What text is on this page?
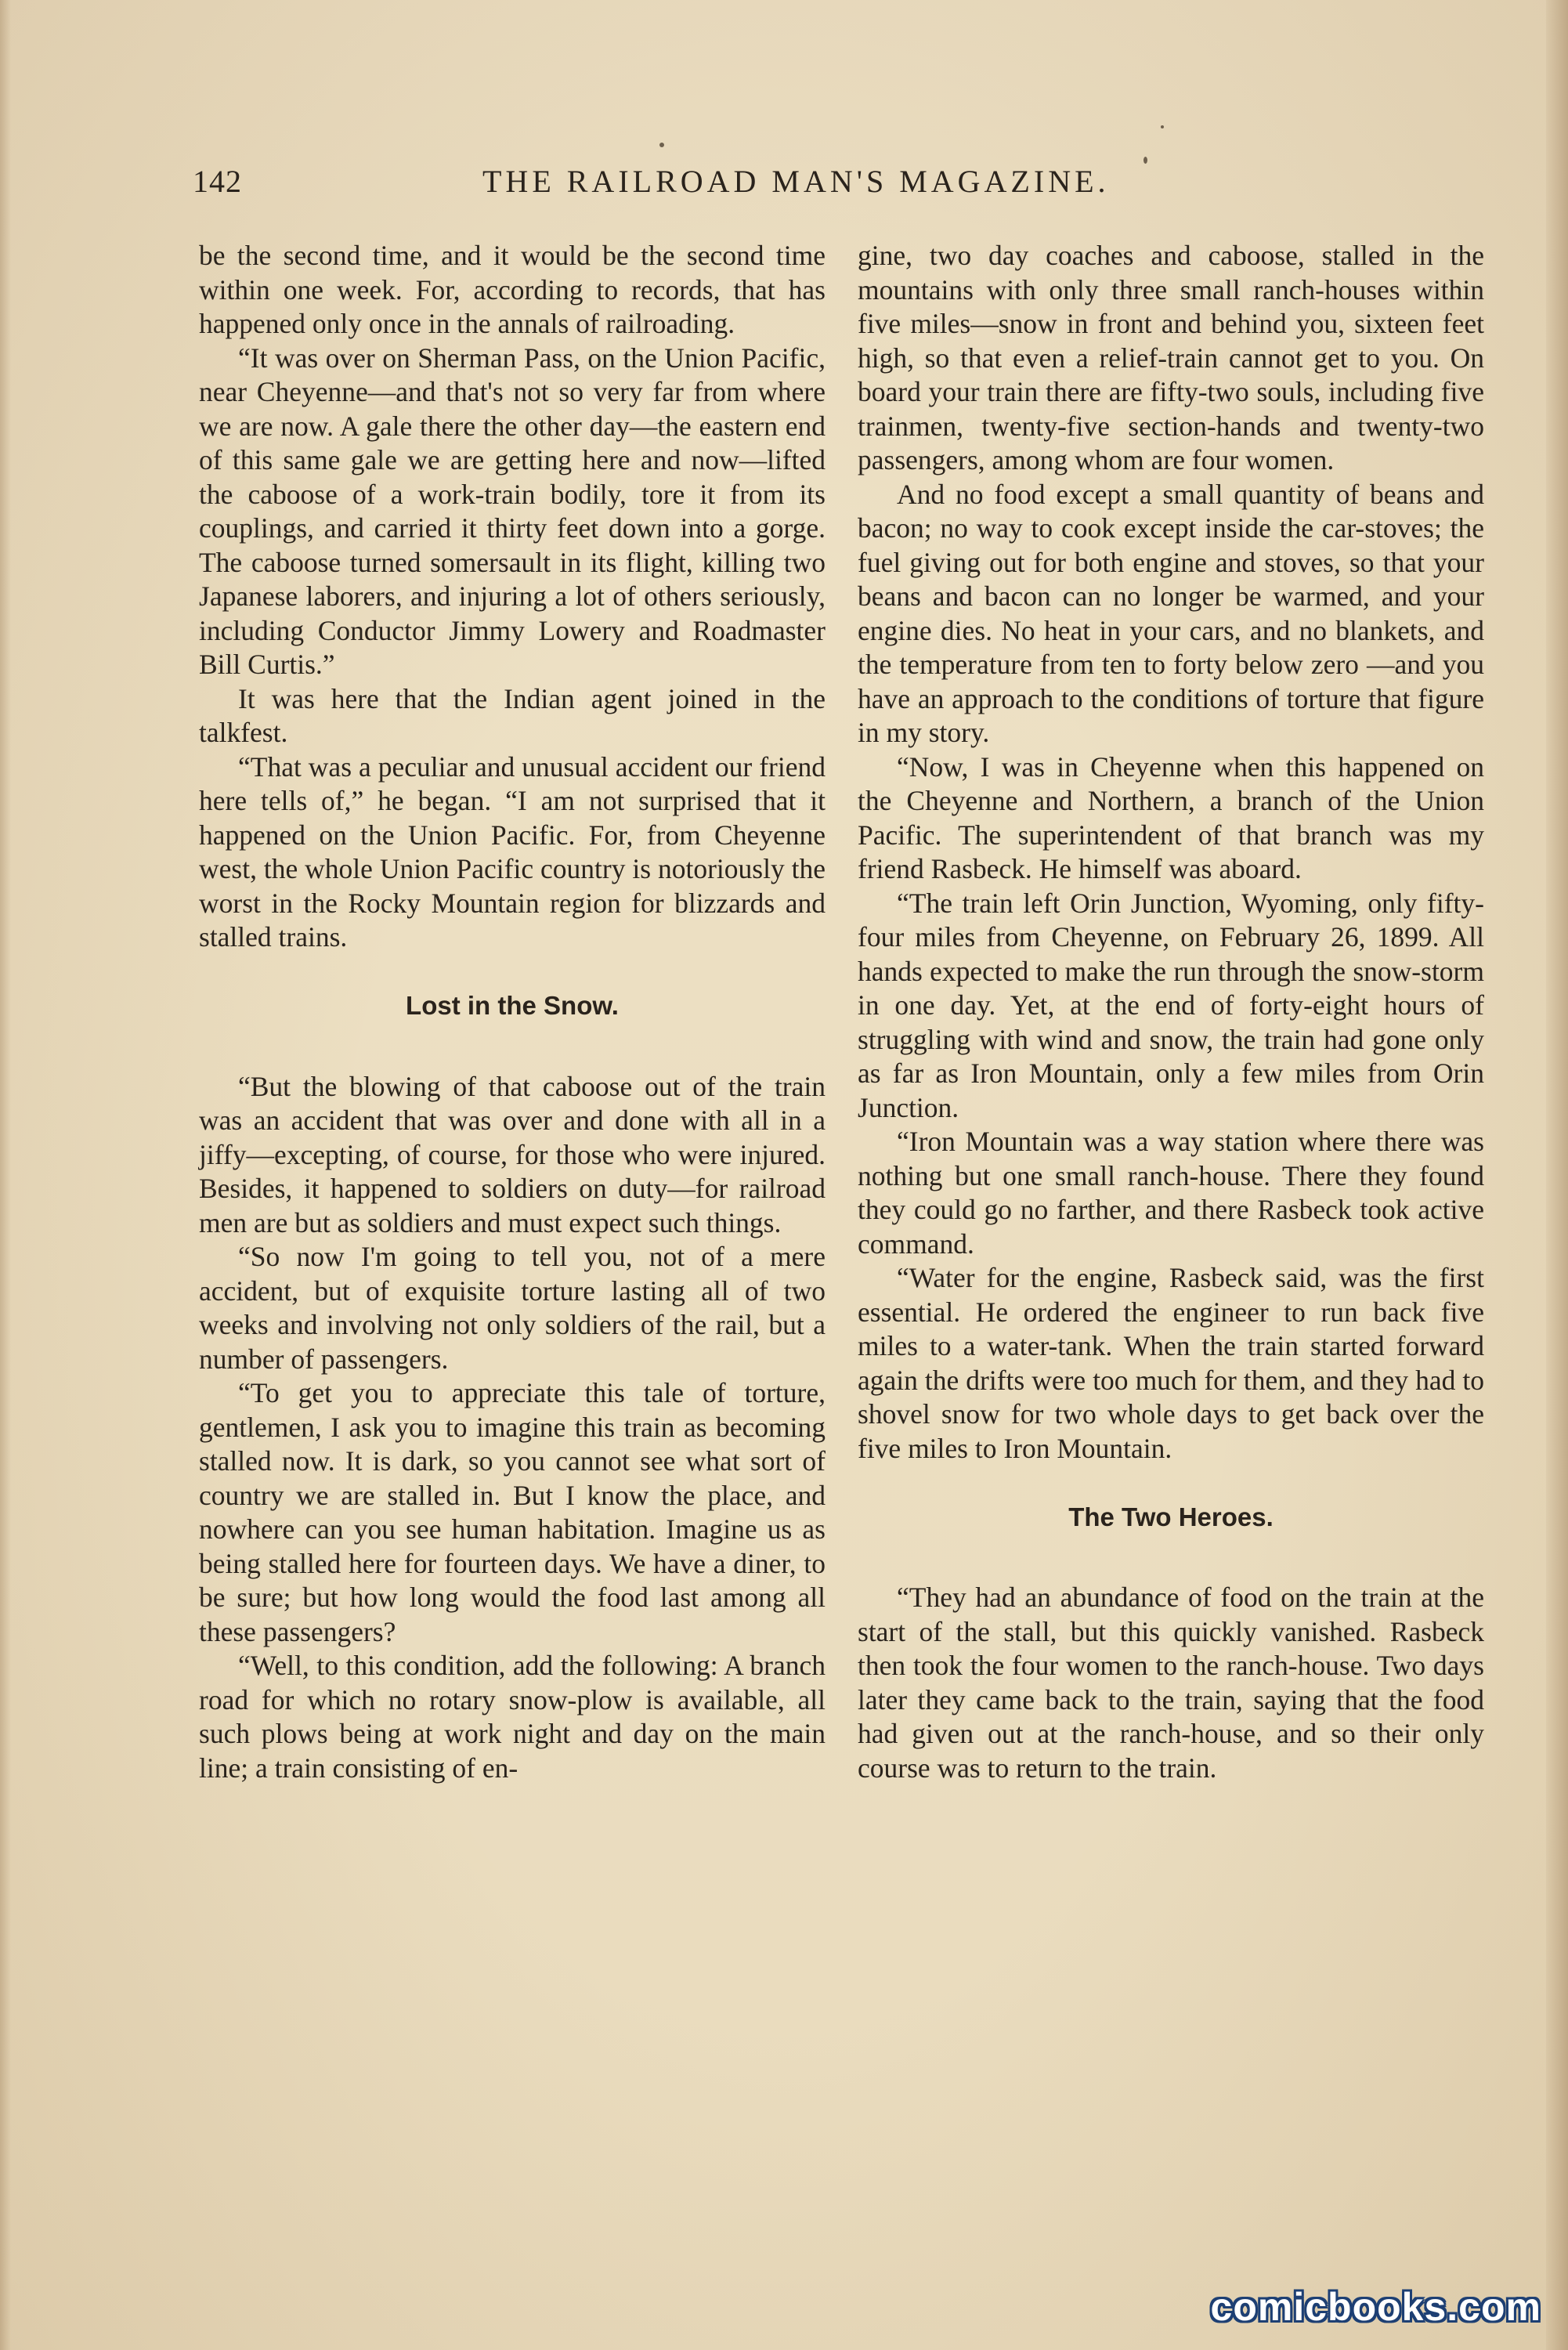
142	THE RAILROAD MAN'S MAGAZINE.

be the second time, and it would be the second time within one week. For, according to records, that has happened only once in the annals of railroading.

“It was over on Sherman Pass, on the Union Pacific, near Cheyenne—and that's not so very far from where we are now. A gale there the other day—the eastern end of this same gale we are getting here and now—lifted the caboose of a work-train bodily, tore it from its couplings, and carried it thirty feet down into a gorge. The caboose turned somersault in its flight, killing two Japanese laborers, and injuring a lot of others seriously, including Conductor Jimmy Lowery and Roadmaster Bill Curtis.”

It was here that the Indian agent joined in the talkfest.

“That was a peculiar and unusual accident our friend here tells of,” he began. “I am not surprised that it happened on the Union Pacific. For, from Cheyenne west, the whole Union Pacific country is notoriously the worst in the Rocky Mountain region for blizzards and stalled trains.

Lost in the Snow.

“But the blowing of that caboose out of the train was an accident that was over and done with all in a jiffy—excepting, of course, for those who were injured. Besides, it happened to soldiers on duty—for railroad men are but as soldiers and must expect such things.

“So now I'm going to tell you, not of a mere accident, but of exquisite torture lasting all of two weeks and involving not only soldiers of the rail, but a number of passengers.

“To get you to appreciate this tale of torture, gentlemen, I ask you to imagine this train as becoming stalled now. It is dark, so you cannot see what sort of country we are stalled in. But I know the place, and nowhere can you see human habitation. Imagine us as being stalled here for fourteen days. We have a diner, to be sure; but how long would the food last among all these passengers?

“Well, to this condition, add the following: A branch road for which no rotary snow-plow is available, all such plows being at work night and day on the main line; a train consisting of en-

gine, two day coaches and caboose, stalled in the mountains with only three small ranch-houses within five miles—snow in front and behind you, sixteen feet high, so that even a relief-train cannot get to you. On board your train there are fifty-two souls, including five trainmen, twenty-five section-hands and twenty-two passengers, among whom are four women.

And no food except a small quantity of beans and bacon; no way to cook except inside the car-stoves; the fuel giving out for both engine and stoves, so that your beans and bacon can no longer be warmed, and your engine dies. No heat in your cars, and no blankets, and the temperature from ten to forty below zero —and you have an approach to the conditions of torture that figure in my story.

“Now, I was in Cheyenne when this happened on the Cheyenne and Northern, a branch of the Union Pacific. The superintendent of that branch was my friend Rasbeck. He himself was aboard.

“The train left Orin Junction, Wyoming, only fifty-four miles from Cheyenne, on February 26, 1899. All hands expected to make the run through the snow-storm in one day. Yet, at the end of forty-eight hours of struggling with wind and snow, the train had gone only as far as Iron Mountain, only a few miles from Orin Junction.

“Iron Mountain was a way station where there was nothing but one small ranch-house. There they found they could go no farther, and there Rasbeck took active command.

“Water for the engine, Rasbeck said, was the first essential. He ordered the engineer to run back five miles to a water-tank. When the train started forward again the drifts were too much for them, and they had to shovel snow for two whole days to get back over the five miles to Iron Mountain.

The Two Heroes.

“They had an abundance of food on the train at the start of the stall, but this quickly vanished. Rasbeck then took the four women to the ranch-house. Two days later they came back to the train, saying that the food had given out at the ranch-house, and so their only course was to return to the train.

comicbooks.com
